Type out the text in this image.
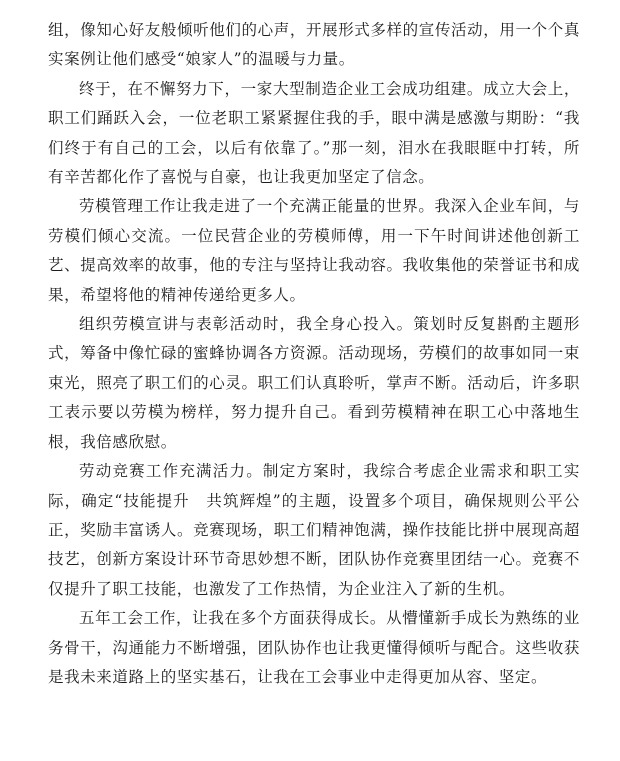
组，像知心好友般倾听他们的心声，开展形式多样的宣传活动，用一个个真实案例让他们感受“娘家人”的温暖与力量。

终于，在不懈努力下，一家大型制造企业工会成功组建。成立大会上，职工们踊跃入会，一位老职工紧紧握住我的手，眼中满是感激与期盼：“我们终于有自己的工会，以后有依靠了。”那一刻，泪水在我眼眶中打转，所有辛苦都化作了喜悦与自豪，也让我更加坚定了信念。

劳模管理工作让我走进了一个充满正能量的世界。我深入企业车间，与劳模们倾心交流。一位民营企业的劳模师傅，用一下午时间讲述他创新工艺、提高效率的故事，他的专注与坚持让我动容。我收集他的荣誉证书和成果，希望将他的精神传递给更多人。

组织劳模宣讲与表彰活动时，我全身心投入。策划时反复斟酌主题形式，筹备中像忙碌的蜜蜂协调各方资源。活动现场，劳模们的故事如同一束束光，照亮了职工们的心灵。职工们认真聆听，掌声不断。活动后，许多职工表示要以劳模为榜样，努力提升自己。看到劳模精神在职工心中落地生根，我倍感欣慰。

劳动竞赛工作充满活力。制定方案时，我综合考虑企业需求和职工实际，确定“技能提升　共筑辉煌”的主题，设置多个项目，确保规则公平公正，奖励丰富诱人。竞赛现场，职工们精神饱满，操作技能比拼中展现高超技艺，创新方案设计环节奇思妙想不断，团队协作竞赛里团结一心。竞赛不仅提升了职工技能，也激发了工作热情，为企业注入了新的生机。

五年工会工作，让我在多个方面获得成长。从懵懂新手成长为熟练的业务骨干，沟通能力不断增强，团队协作也让我更懂得倾听与配合。这些收获是我未来道路上的坚实基石，让我在工会事业中走得更加从容、坚定。
